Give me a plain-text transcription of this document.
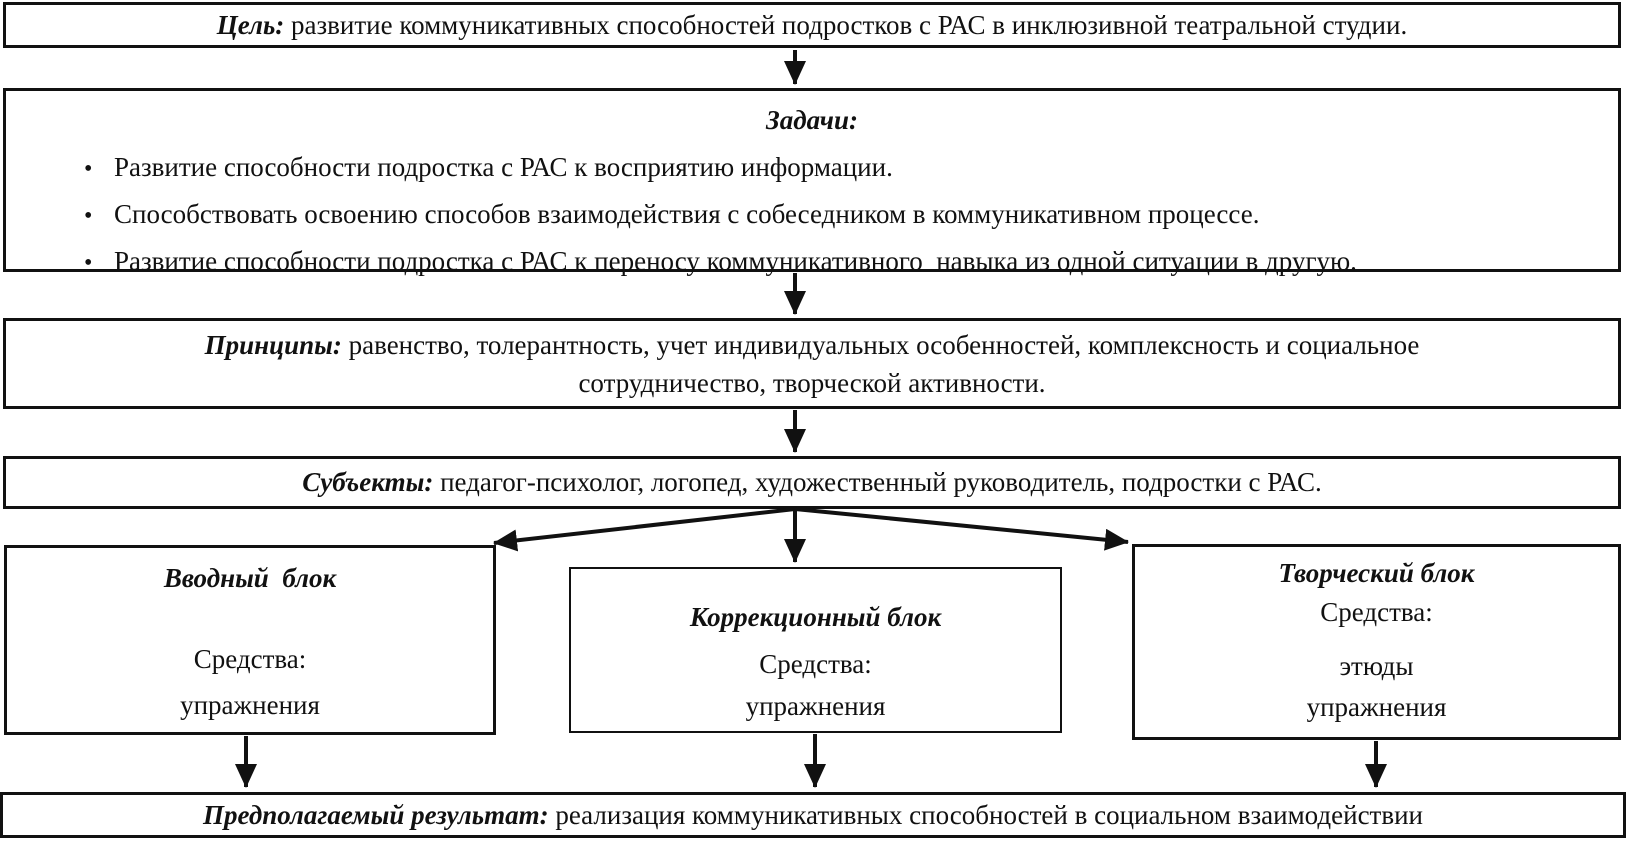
Цель: развитие коммуникативных способностей подростков с РАС в инклюзивной театральной студии.

Задачи:
• Развитие способности подростка с РАС к восприятию информации.
• Способствовать освоению способов взаимодействия с собеседником в коммуникативном процессе.
• Развитие способности подростка с РАС к переносу коммуникативного  навыка из одной ситуации в другую.

Принципы: равенство, толерантность, учет индивидуальных особенностей, комплексность и социальное

сотрудничество, творческой активности.

Субъекты: педагог-психолог, логопед, художественный руководитель, подростки с РАС.

Вводный  блок
Средства:
упражнения
Коррекционный блок
Средства:
упражнения
Творческий блок
Средства:
этюды
упражнения

Предполагаемый результат: реализация коммуникативных способностей в социальном взаимодействии
